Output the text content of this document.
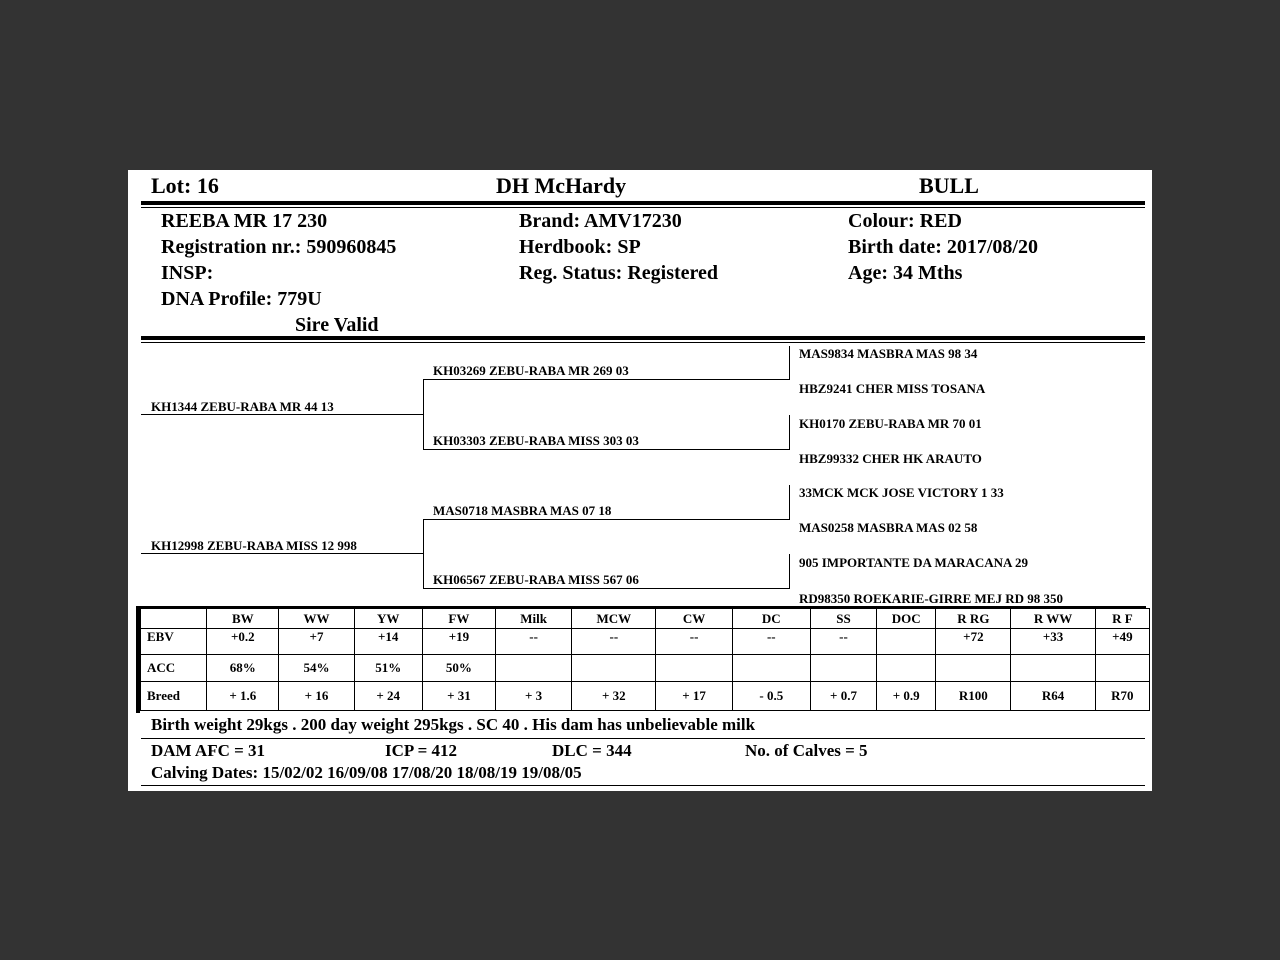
Lot: 16	DH McHardy	BULL
REEBA MR 17 230
Registration nr.: 590960845
INSP:
DNA Profile: 779U
Sire Valid
Brand: AMV17230
Herdbook: SP
Reg. Status: Registered
Colour: RED
Birth date: 2017/08/20
Age: 34 Mths
KH1344 ZEBU-RABA MR 44 13
KH12998 ZEBU-RABA MISS 12 998
KH03269 ZEBU-RABA MR 269 03
KH03303 ZEBU-RABA MISS 303 03
MAS0718 MASBRA MAS 07 18
KH06567 ZEBU-RABA MISS 567 06
MAS9834 MASBRA MAS 98 34
HBZ9241 CHER MISS TOSANA
KH0170 ZEBU-RABA MR 70 01
HBZ99332 CHER HK ARAUTO
33MCK MCK JOSE VICTORY 1 33
MAS0258 MASBRA MAS 02 58
905 IMPORTANTE DA MARACANA 29
RD98350 ROEKARIE-GIRRE MEJ RD 98 350
	BW	WW	YW	FW	Milk	MCW	CW	DC	SS	DOC	R RG	R WW	R F
EBV	+0.2	+7	+14	+19	--	--	--	--	--		+72	+33	+49
ACC	68%	54%	51%	50%									
Breed	+ 1.6	+ 16	+ 24	+ 31	+ 3	+ 32	+ 17	- 0.5	+ 0.7	+ 0.9	R100	R64	R70
Birth weight 29kgs . 200 day weight 295kgs . SC 40 . His dam has unbelievable milk
DAM AFC = 31	ICP = 412	DLC = 344	No. of Calves = 5
Calving Dates: 15/02/02 16/09/08 17/08/20 18/08/19 19/08/05
